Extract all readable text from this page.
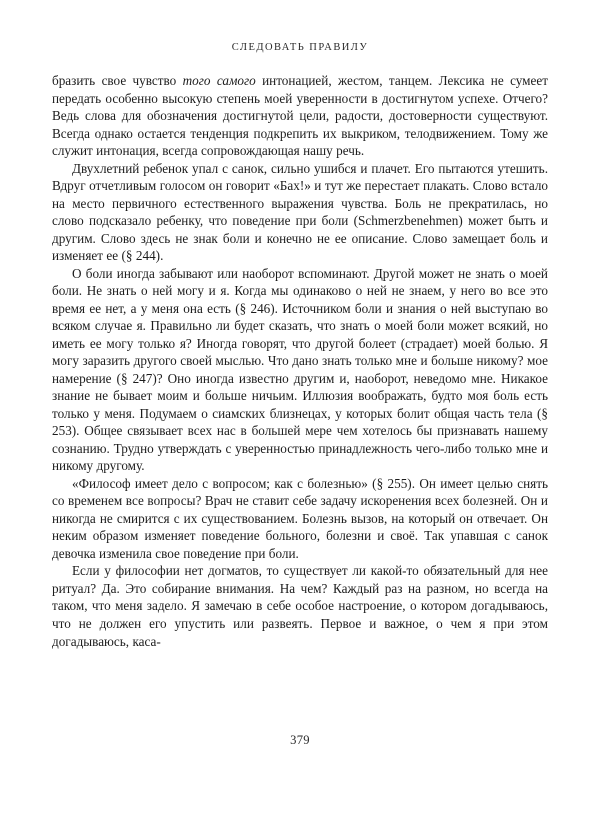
СЛЕДОВАТЬ ПРАВИЛУ

бразить свое чувство того самого интонацией, жестом, танцем. Лексика не сумеет передать особенно высокую степень моей уверенности в достигнутом успехе. Отчего? Ведь слова для обозначения достигнутой цели, радости, достоверности существуют. Всегда однако остается тенденция подкрепить их выкриком, телодвижением. Тому же служит интонация, всегда сопровождающая нашу речь.

Двухлетний ребенок упал с санок, сильно ушибся и плачет. Его пытаются утешить. Вдруг отчетливым голосом он говорит «Бах!» и тут же перестает плакать. Слово встало на место первичного естественного выражения чувства. Боль не прекратилась, но слово подсказало ребенку, что поведение при боли (Schmerzbenehmen) может быть и другим. Слово здесь не знак боли и конечно не ее описание. Слово замещает боль и изменяет ее (§ 244).

О боли иногда забывают или наоборот вспоминают. Другой может не знать о моей боли. Не знать о ней могу и я. Когда мы одинаково о ней не знаем, у него во все это время ее нет, а у меня она есть (§ 246). Источником боли и знания о ней выступаю во всяком случае я. Правильно ли будет сказать, что знать о моей боли может всякий, но иметь ее могу только я? Иногда говорят, что другой болеет (страдает) моей болью. Я могу заразить другого своей мыслью. Что дано знать только мне и больше никому? мое намерение (§ 247)? Оно иногда известно другим и, наоборот, неведомо мне. Никакое знание не бывает моим и больше ничьим. Иллюзия воображать, будто моя боль есть только у меня. Подумаем о сиамских близнецах, у которых болит общая часть тела (§ 253). Общее связывает всех нас в большей мере чем хотелось бы признавать нашему сознанию. Трудно утверждать с уверенностью принадлежность чего-либо только мне и никому другому.

«Философ имеет дело с вопросом; как с болезнью» (§ 255). Он имеет целью снять со временем все вопросы? Врач не ставит себе задачу искоренения всех болезней. Он и никогда не смирится с их существованием. Болезнь вызов, на который он отвечает. Он неким образом изменяет поведение больного, болезни и своё. Так упавшая с санок девочка изменила свое поведение при боли.

Если у философии нет догматов, то существует ли какой-то обязательный для нее ритуал? Да. Это собирание внимания. На чем? Каждый раз на разном, но всегда на таком, что меня задело. Я замечаю в себе особое настроение, о котором догадываюсь, что не должен его упустить или развеять. Первое и важное, о чем я при этом догадываюсь, каса-

379
